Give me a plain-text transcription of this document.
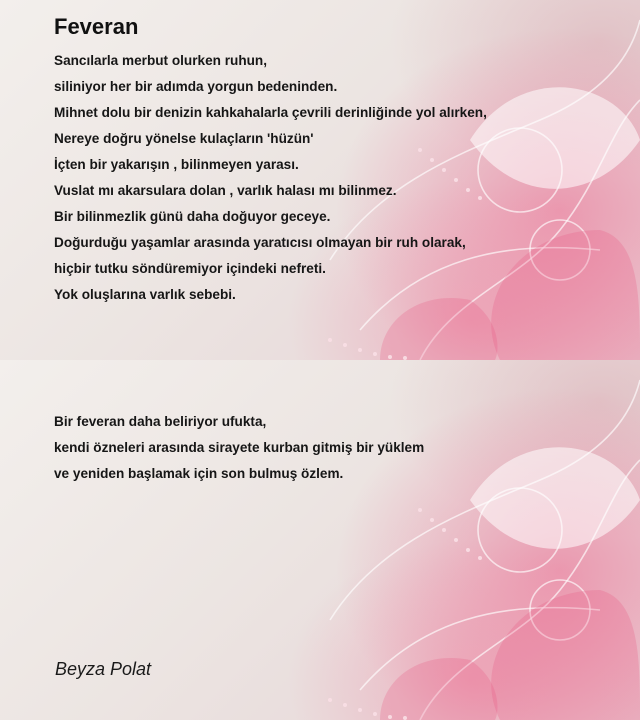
Feveran
Sancılarla merbut olurken ruhun,
siliniyor her bir adımda yorgun bedeninden.
Mihnet dolu bir denizin kahkahalarla çevrili derinliğinde yol alırken,
Nereye doğru yönelse kulaçların 'hüzün'
İçten bir yakarışın , bilinmeyen yarası.
Vuslat mı akarsulara dolan , varlık halası mı bilinmez.
Bir bilinmezlik günü daha doğuyor geceye.
Doğurduğu yaşamlar arasında yaratıcısı olmayan bir ruh olarak,
hiçbir tutku söndüremiyor içindeki nefreti.
Yok oluşlarına varlık sebebi.
Bir feveran daha beliriyor ufukta,
kendi özneleri arasında sirayete kurban gitmiş bir yüklem
ve yeniden başlamak için son bulmuş özlem.

Beyza Polat
